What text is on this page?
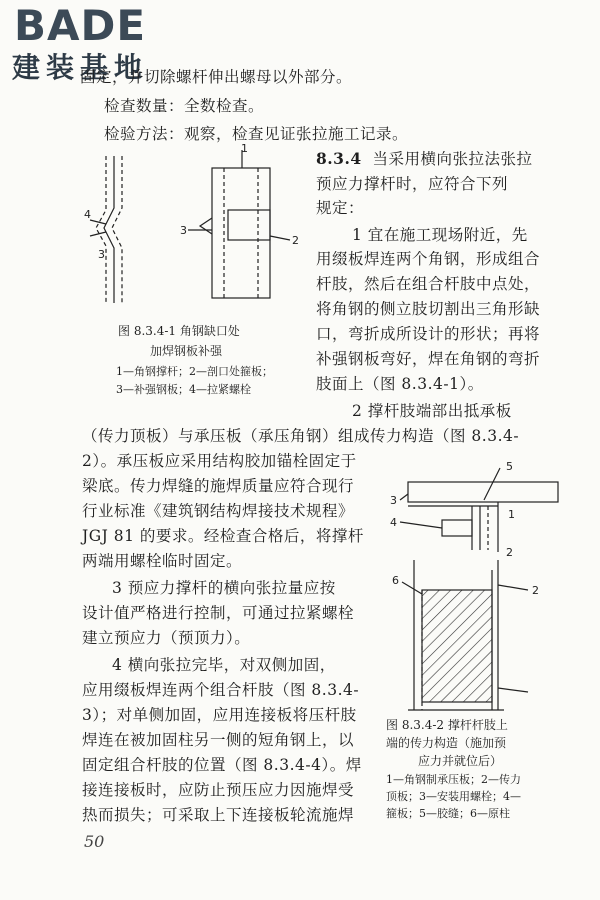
BADE
建装基地
固定，并切除螺杆伸出螺母以外部分。
检查数量：全数检查。
检验方法：观察，检查见证张拉施工记录。
1
2
3
3
4
图 8.3.4-1 角钢缺口处
加焊钢板补强
1—角钢撑杆；2—剖口处箍板；
3—补强钢板；4—拉紧螺栓
8.3.4 当采用横向张拉法张拉
预应力撑杆时，应符合下列
规定：
1 宜在施工现场附近，先
用缀板焊连两个角钢，形成组合
杆肢，然后在组合杆肢中点处，
将角钢的侧立肢切割出三角形缺
口，弯折成所设计的形状；再将
补强钢板弯好，焊在角钢的弯折
肢面上（图 8.3.4-1）。
2 撑杆肢端部出抵承板
（传力顶板）与承压板（承压角钢）组成传力构造（图 8.3.4-
2）。承压板应采用结构胶加锚栓固定于
梁底。传力焊缝的施焊质量应符合现行
行业标准《建筑钢结构焊接技术规程》
JGJ 81 的要求。经检查合格后，将撑杆
两端用螺栓临时固定。
3 预应力撑杆的横向张拉量应按
设计值严格进行控制，可通过拉紧螺栓
建立预应力（预顶力）。
4 横向张拉完毕，对双侧加固，
应用缀板焊连两个组合杆肢（图 8.3.4-
3）；对单侧加固，应用连接板将压杆肢
焊连在被加固柱另一侧的短角钢上，以
固定组合杆肢的位置（图 8.3.4-4）。焊
接连接板时，应防止预压应力因施焊受
热而损失；可采取上下连接板轮流施焊
5
1
3
4
2
6
2
图 8.3.4-2 撑杆杆肢上
端的传力构造（施加预
应力并就位后）
1—角钢制承压板；2—传力
顶板；3—安装用螺栓；4—
箍板；5—胶缝；6—原柱
50
